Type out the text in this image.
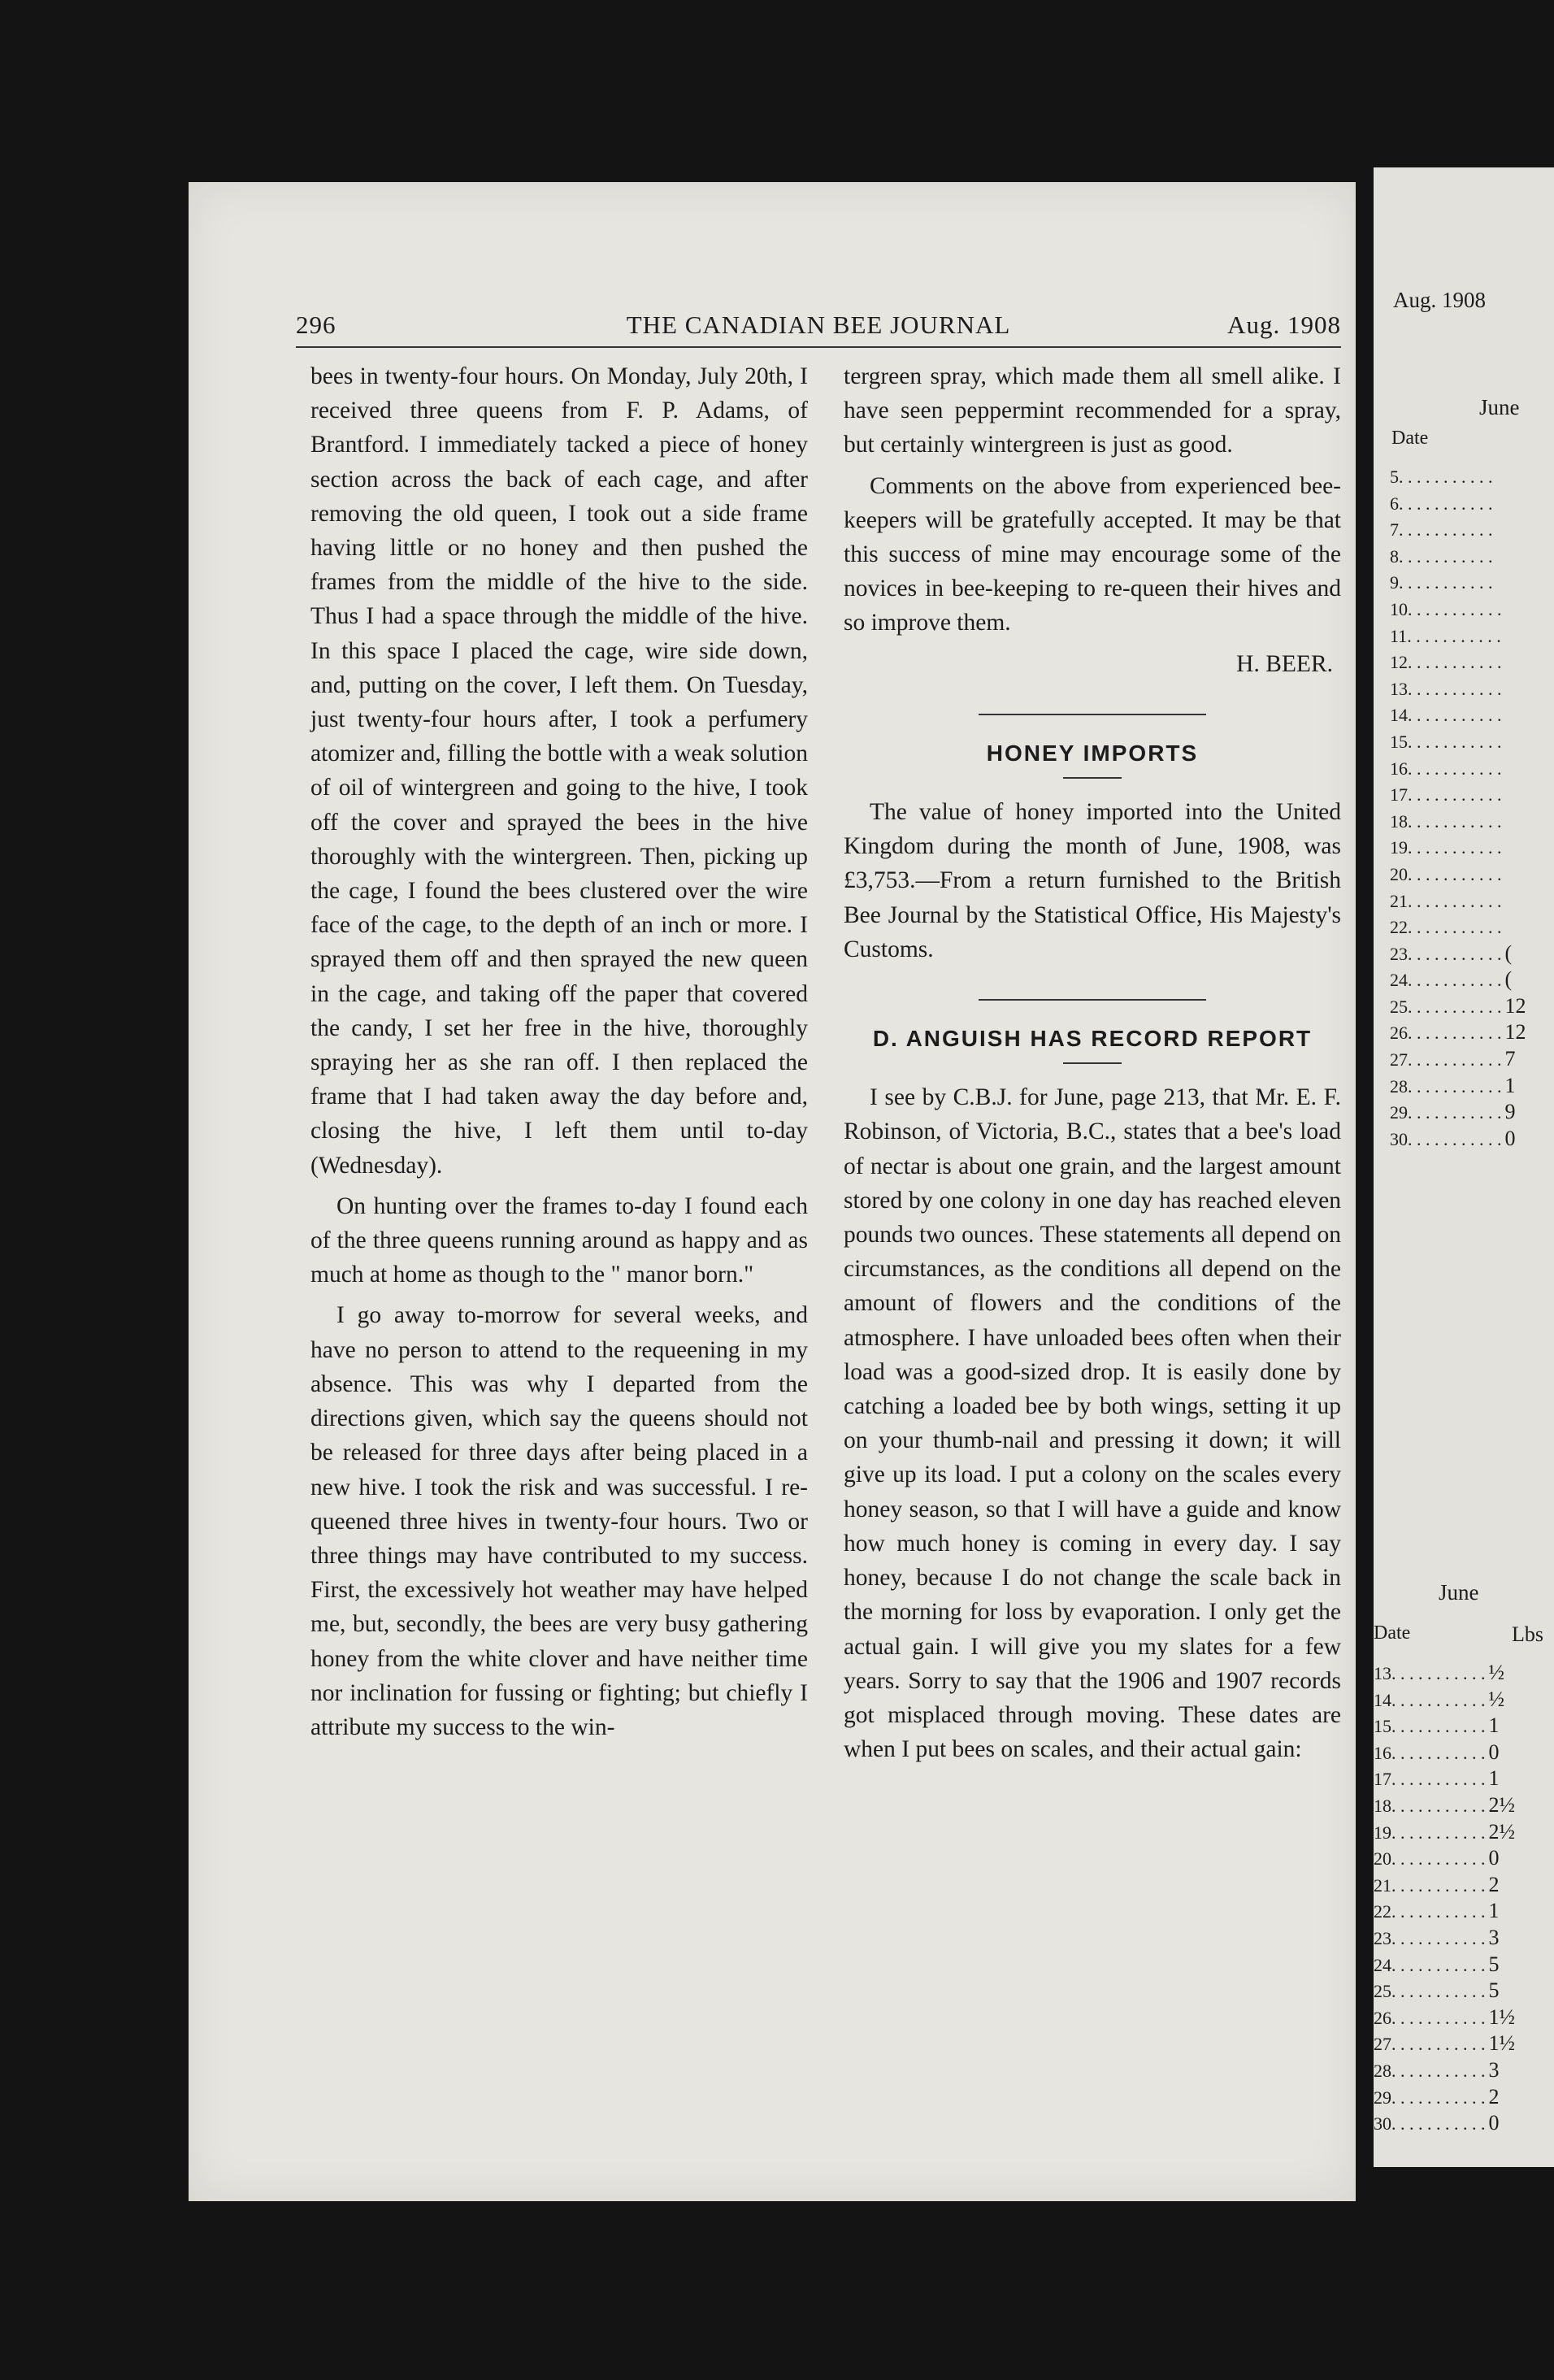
296	THE CANADIAN BEE JOURNAL	Aug. 1908

bees in twenty-four hours. On Monday, July 20th, I received three queens from F. P. Adams, of Brantford. I immediately tacked a piece of honey section across the back of each cage, and after removing the old queen, I took out a side frame having little or no honey and then pushed the frames from the middle of the hive to the side. Thus I had a space through the middle of the hive. In this space I placed the cage, wire side down, and, putting on the cover, I left them. On Tuesday, just twenty-four hours after, I took a perfumery atomizer and, filling the bottle with a weak solution of oil of wintergreen and going to the hive, I took off the cover and sprayed the bees in the hive thoroughly with the wintergreen. Then, picking up the cage, I found the bees clustered over the wire face of the cage, to the depth of an inch or more. I sprayed them off and then sprayed the new queen in the cage, and taking off the paper that covered the candy, I set her free in the hive, thoroughly spraying her as she ran off. I then replaced the frame that I had taken away the day before and, closing the hive, I left them until to-day (Wednesday).

On hunting over the frames to-day I found each of the three queens running around as happy and as much at home as though to the " manor born."

I go away to-morrow for several weeks, and have no person to attend to the requeening in my absence. This was why I departed from the directions given, which say the queens should not be released for three days after being placed in a new hive. I took the risk and was successful. I re-queened three hives in twenty-four hours. Two or three things may have contributed to my success. First, the excessively hot weather may have helped me, but, secondly, the bees are very busy gathering honey from the white clover and have neither time nor inclination for fussing or fighting; but chiefly I attribute my success to the win-

tergreen spray, which made them all smell alike. I have seen peppermint recommended for a spray, but certainly wintergreen is just as good.

Comments on the above from experienced bee-keepers will be gratefully accepted. It may be that this success of mine may encourage some of the novices in bee-keeping to re-queen their hives and so improve them.

H. BEER.
HONEY IMPORTS

The value of honey imported into the United Kingdom during the month of June, 1908, was £3,753.—From a return furnished to the British Bee Journal by the Statistical Office, His Majesty's Customs.

D. ANGUISH HAS RECORD REPORT

I see by C.B.J. for June, page 213, that Mr. E. F. Robinson, of Victoria, B.C., states that a bee's load of nectar is about one grain, and the largest amount stored by one colony in one day has reached eleven pounds two ounces. These statements all depend on circumstances, as the conditions all depend on the amount of flowers and the conditions of the atmosphere. I have unloaded bees often when their load was a good-sized drop. It is easily done by catching a loaded bee by both wings, setting it up on your thumb-nail and pressing it down; it will give up its load. I put a colony on the scales every honey season, so that I will have a guide and know how much honey is coming in every day. I say honey, because I do not change the scale back in the morning for loss by evaporation. I only get the actual gain. I will give you my slates for a few years. Sorry to say that the 1906 and 1907 records got misplaced through moving. These dates are when I put bees on scales, and their actual gain:

Aug. 1908
June
Date
5. . . . . . . . . . .
6. . . . . . . . . . .
7. . . . . . . . . . .
8. . . . . . . . . . .
9. . . . . . . . . . .
10. . . . . . . . . . .
11. . . . . . . . . . .
12. . . . . . . . . . .
13. . . . . . . . . . .
14. . . . . . . . . . .
15. . . . . . . . . . .
16. . . . . . . . . . .
17. . . . . . . . . . .
18. . . . . . . . . . .
19. . . . . . . . . . .
20. . . . . . . . . . .
21. . . . . . . . . . .
22. . . . . . . . . . .
23. . . . . . . . . . . (
24. . . . . . . . . . . (
25. . . . . . . . . . . 12
26. . . . . . . . . . . 12
27. . . . . . . . . . . 7
28. . . . . . . . . . . 1
29. . . . . . . . . . . 9
30. . . . . . . . . . . 0
June
Date	Lbs
13. . . . . . . . . . . ½
14. . . . . . . . . . . ½
15. . . . . . . . . . . 1
16. . . . . . . . . . . 0
17. . . . . . . . . . . 1
18. . . . . . . . . . . 2½
19. . . . . . . . . . . 2½
20. . . . . . . . . . . 0
21. . . . . . . . . . . 2
22. . . . . . . . . . . 1
23. . . . . . . . . . . 3
24. . . . . . . . . . . 5
25. . . . . . . . . . . 5
26. . . . . . . . . . . 1½
27. . . . . . . . . . . 1½
28. . . . . . . . . . . 3
29. . . . . . . . . . . 2
30. . . . . . . . . . . 0
